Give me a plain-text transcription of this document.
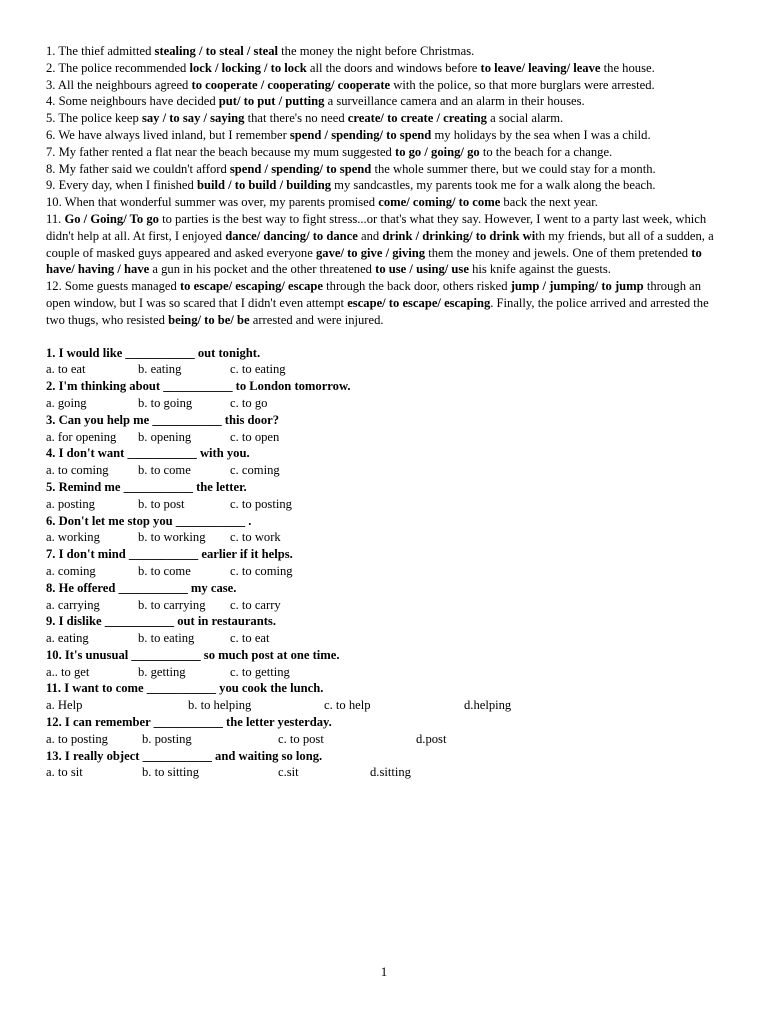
1. The thief admitted stealing / to steal / steal the money the night before Christmas.

2. The police recommended lock / locking / to lock all the doors and windows before to leave/ leaving/ leave the house.

3. All the neighbours agreed to cooperate / cooperating/ cooperate with the police, so that more burglars were arrested.

4. Some neighbours have decided put/ to put / putting a surveillance camera and an alarm in their houses.

5. The police keep say / to say / saying that there's no need create/ to create / creating a social alarm.

6. We have always lived inland, but I remember spend / spending/ to spend my holidays by the sea when I was a child.

7. My father rented a flat near the beach because my mum suggested to go / going/ go to the beach for a change.

8. My father said we couldn't afford spend / spending/ to spend the whole summer there, but we could stay for a month.

9. Every day, when I finished build / to build / building my sandcastles, my parents took me for a walk along the beach.

10. When that wonderful summer was over, my parents promised come/ coming/ to come back the next year.

11. Go / Going/ To go to parties is the best way to fight stress...or that's what they say. However, I went to a party last week, which didn't help at all. At first, I enjoyed dance/ dancing/ to dance and drink / drinking/ to drink with my friends, but all of a sudden, a couple of masked guys appeared and asked everyone gave/ to give / giving them the money and jewels. One of them pretended to have/ having / have a gun in his pocket and the other threatened to use / using/ use his knife against the guests.

12. Some guests managed to escape/ escaping/ escape through the back door, others risked jump / jumping/ to jump through an open window, but I was so scared that I didn't even attempt escape/ to escape/ escaping. Finally, the police arrived and arrested the two thugs, who resisted being/ to be/ be arrested and were injured.

1. I would like ___________ out tonight.
a. to eat	b. eating	c. to eating
2. I'm thinking about ___________ to London tomorrow.
a. going	b. to going	c. to go
3. Can you help me ___________ this door?
a. for opening b. opening	c. to open
4. I don't want ___________ with you.
a. to coming b. to come	c. coming
5. Remind me ___________ the letter.
a. posting	b. to post	c. to posting
6. Don't let me stop you ___________ .
a. working	b. to working c. to work
7. I don't mind ___________ earlier if it helps.
a. coming	b. to come	c. to coming
8. He offered ___________ my case.
a. carrying	b. to carrying c. to carry
9. I dislike ___________ out in restaurants.
a. eating	b. to eating	c. to eat
10. It's unusual ___________ so much post at one time.
a.. to get	b. getting	c. to getting
11. I want to come ___________ you cook the lunch.
a. Help	b. to helping	c. to help	d.helping
12. I can remember ___________ the letter yesterday.
a. to posting	b. posting	c. to post	d.post
13. I really object ___________ and waiting so long.
a. to sit	b. to sitting	c.sit	d.sitting
1
